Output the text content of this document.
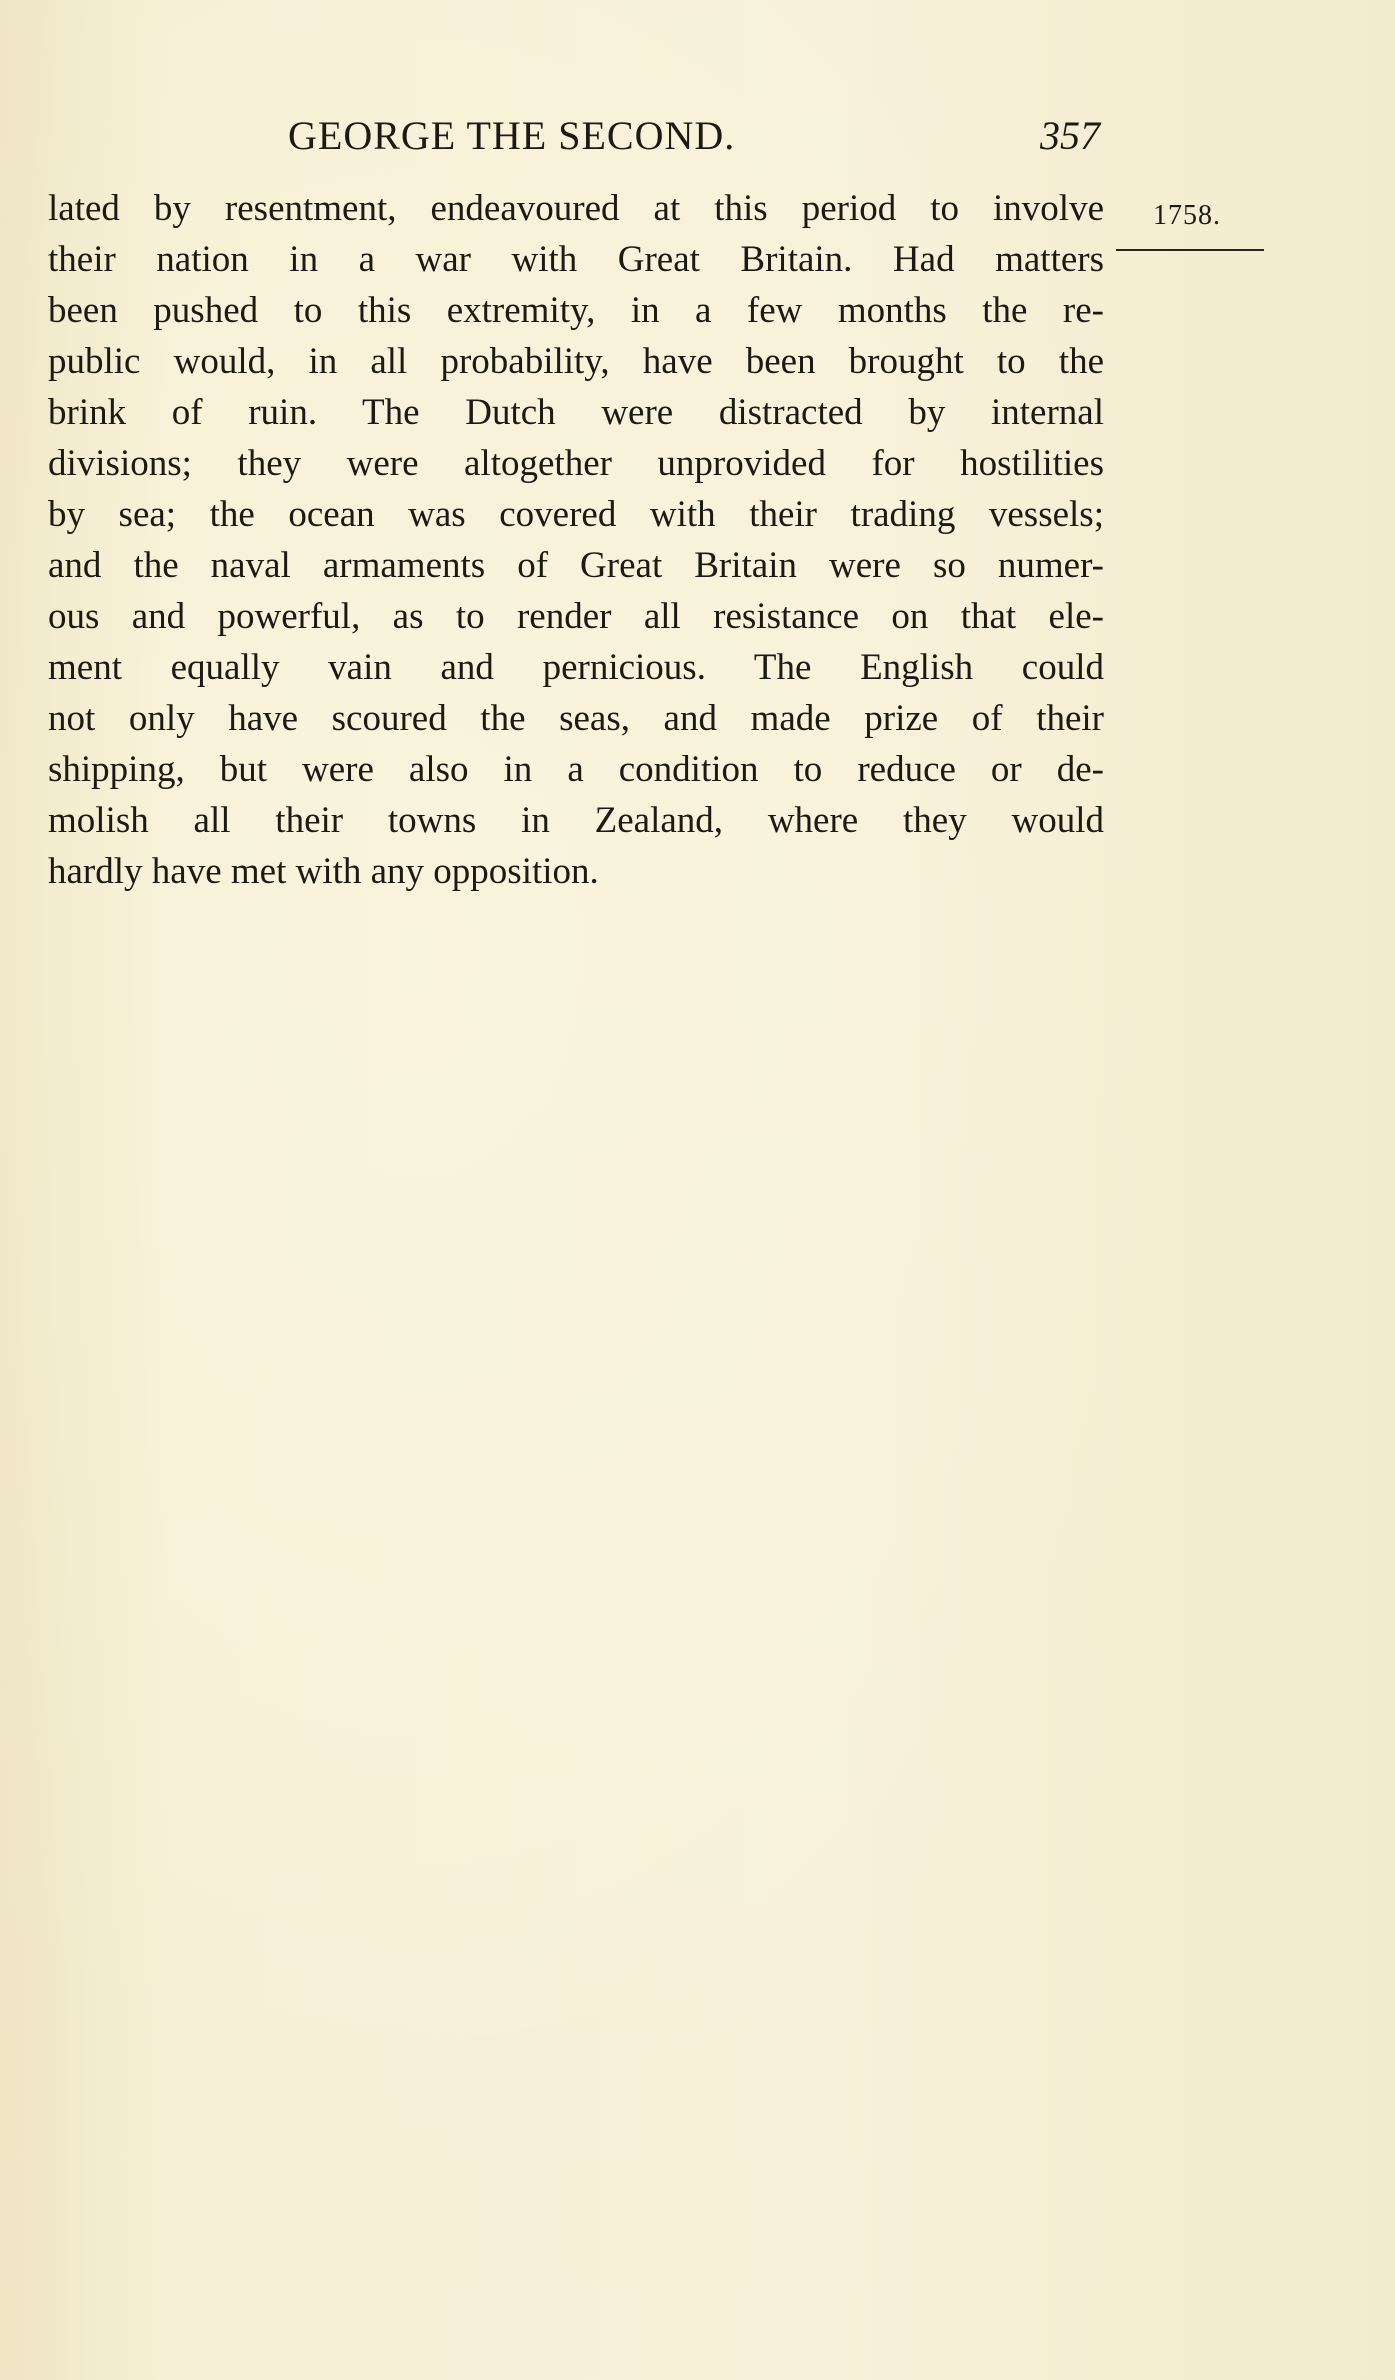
GEORGE THE SECOND.	357
1758.
lated by resentment, endeavoured at this period to involve
their nation in a war with Great Britain. Had matters
been pushed to this extremity, in a few months the re-
public would, in all probability, have been brought to the
brink of ruin. The Dutch were distracted by internal
divisions; they were altogether unprovided for hostilities
by sea; the ocean was covered with their trading vessels;
and the naval armaments of Great Britain were so numer-
ous and powerful, as to render all resistance on that ele-
ment equally vain and pernicious. The English could
not only have scoured the seas, and made prize of their
shipping, but were also in a condition to reduce or de-
molish all their towns in Zealand, where they would
hardly have met with any opposition.
